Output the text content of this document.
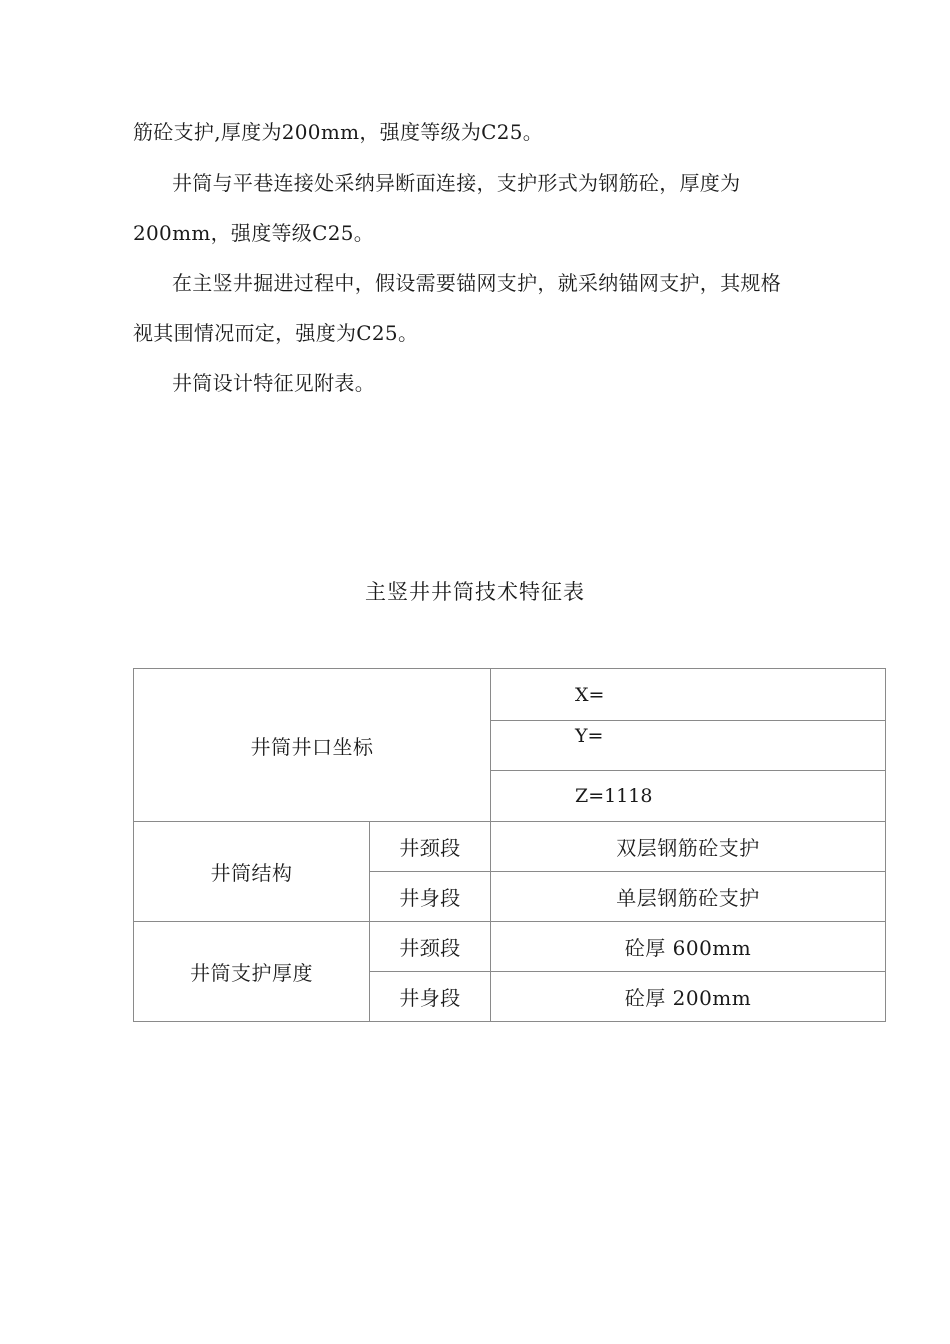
筋砼支护,厚度为200mm，强度等级为C25。

井筒与平巷连接处采纳异断面连接，支护形式为钢筋砼，厚度为

200mm，强度等级C25。

在主竖井掘进过程中，假设需要锚网支护，就采纳锚网支护，其规格

视其围情况而定，强度为C25。

井筒设计特征见附表。

主竖井井筒技术特征表

井筒井口坐标		X=
		Y=
		Z=1118
井筒结构	井颈段	双层钢筋砼支护
	井身段	单层钢筋砼支护
井筒支护厚度	井颈段	砼厚 600mm
	井身段	砼厚 200mm
